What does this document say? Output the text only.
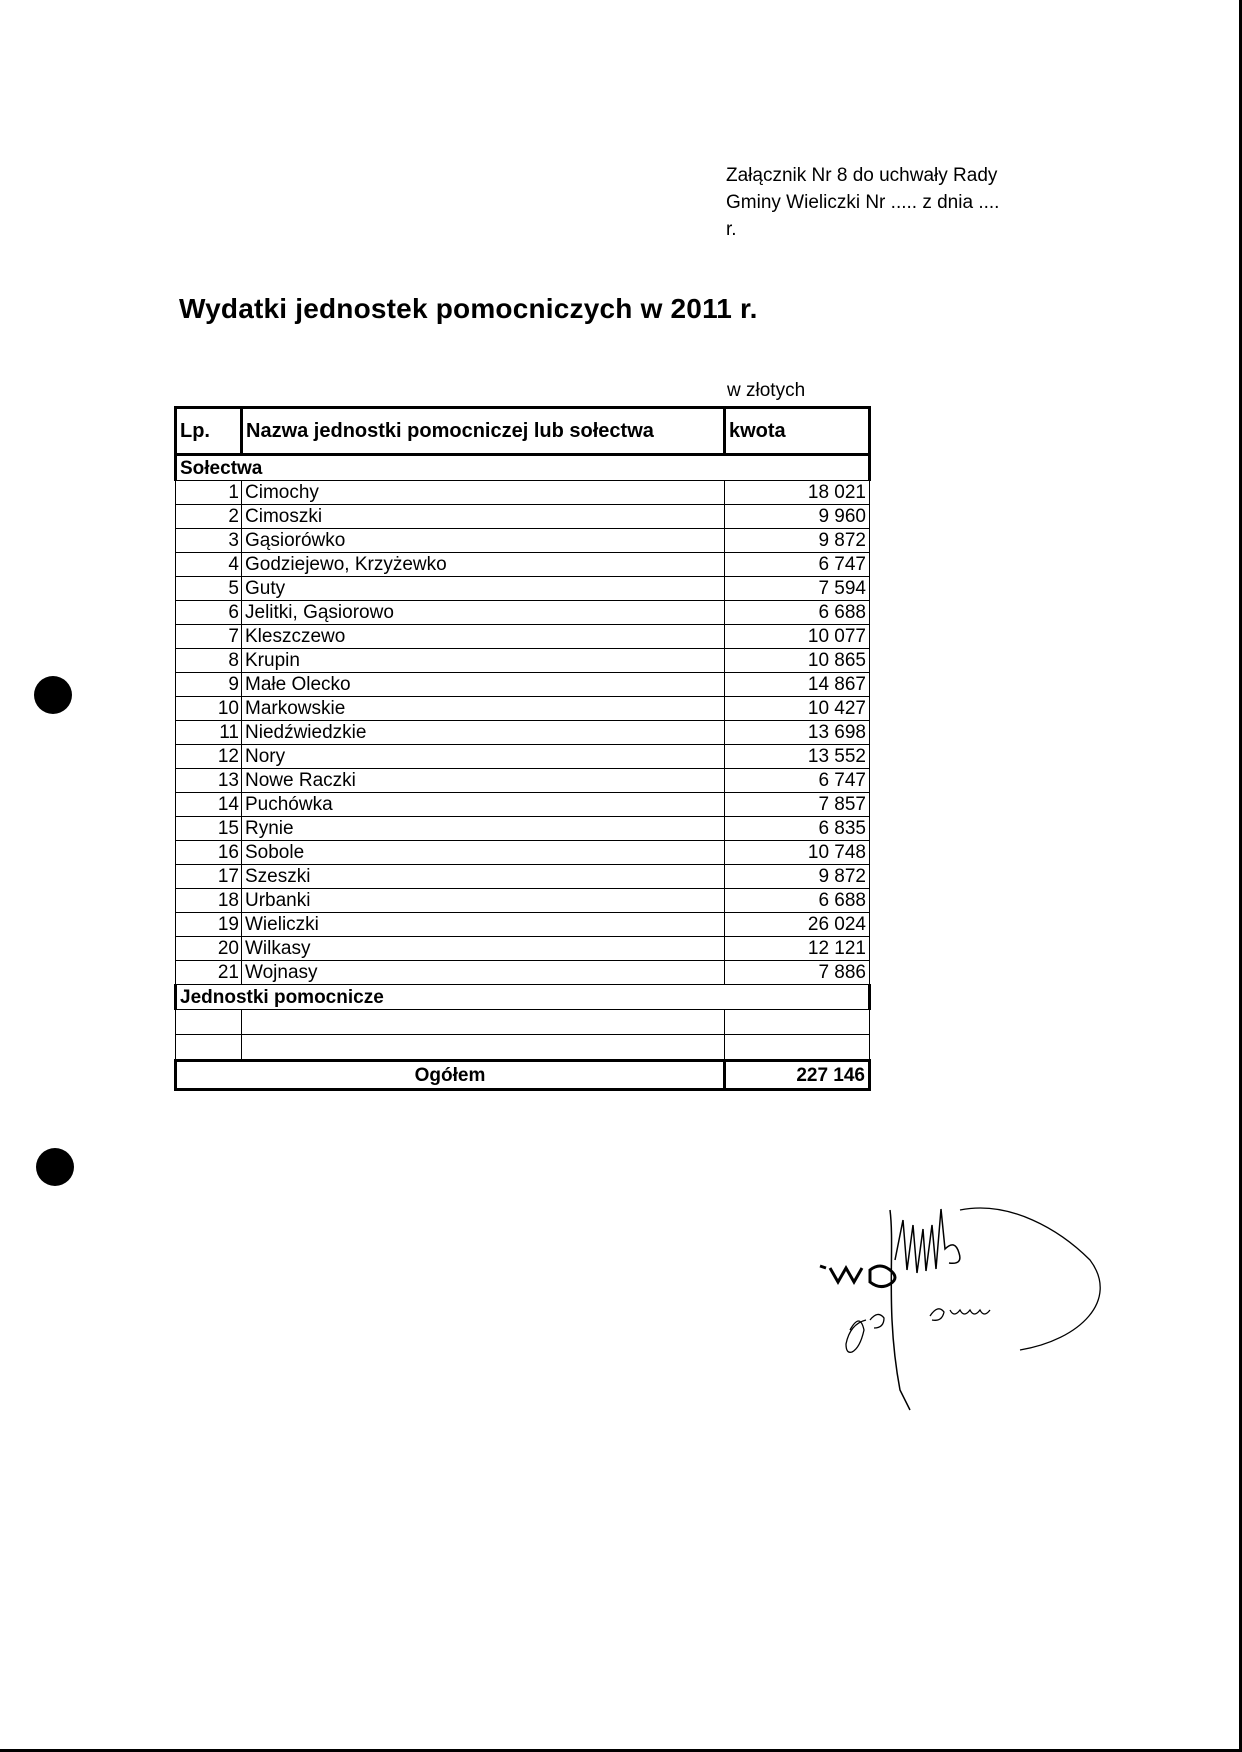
Załącznik Nr 8 do uchwały Rady
Gminy Wieliczki Nr ..... z dnia ....
r.
Wydatki jednostek pomocniczych w 2011 r.
w złotych
Lp.	Nazwa jednostki pomocniczej lub sołectwa	kwota
Sołectwa		
1	Cimochy	18 021
2	Cimoszki	9 960
3	Gąsiorówko	9 872
4	Godziejewo, Krzyżewko	6 747
5	Guty	7 594
6	Jelitki, Gąsiorowo	6 688
7	Kleszczewo	10 077
8	Krupin	10 865
9	Małe Olecko	14 867
10	Markowskie	10 427
11	Niedźwiedzkie	13 698
12	Nory	13 552
13	Nowe Raczki	6 747
14	Puchówka	7 857
15	Rynie	6 835
16	Sobole	10 748
17	Szeszki	9 872
18	Urbanki	6 688
19	Wieliczki	26 024
20	Wilkasy	12 121
21	Wojnasy	7 886
Jednostki pomocnicze		

Ogółem		227 146
